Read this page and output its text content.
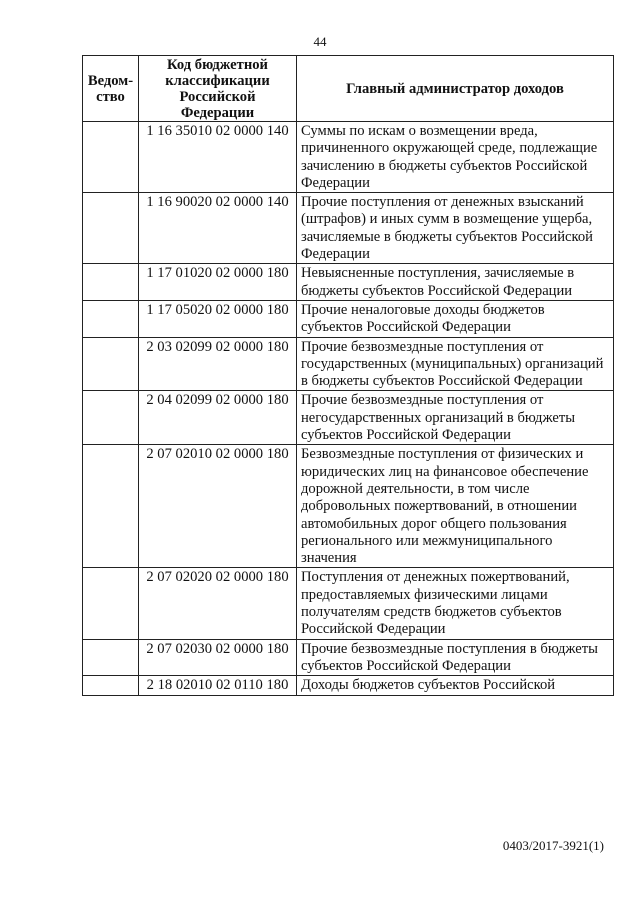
44
Ведом-ство	Код бюджетной классификации Российской Федерации	Главный администратор доходов
	1 16 35010 02 0000 140	Суммы по искам о возмещении вреда, причиненного окружающей среде, подлежащие зачислению в бюджеты субъектов Российской Федерации
	1 16 90020 02 0000 140	Прочие поступления от денежных взысканий (штрафов) и иных сумм в возмещение ущерба, зачисляемые в бюджеты субъектов Российской Федерации
	1 17 01020 02 0000 180	Невыясненные поступления, зачисляемые в бюджеты субъектов Российской Федерации
	1 17 05020 02 0000 180	Прочие неналоговые доходы бюджетов субъектов Российской Федерации
	2 03 02099 02 0000 180	Прочие безвозмездные поступления от государственных (муниципальных) организаций в бюджеты субъектов Российской Федерации
	2 04 02099 02 0000 180	Прочие безвозмездные поступления от негосударственных организаций в бюджеты субъектов Российской Федерации
	2 07 02010 02 0000 180	Безвозмездные поступления от физических и юридических лиц на финансовое обеспечение дорожной деятельности, в том числе добровольных пожертвований, в отношении автомобильных дорог общего пользования регионального или межмуниципального значения
	2 07 02020 02 0000 180	Поступления от денежных пожертвований, предоставляемых физическими лицами получателям средств бюджетов субъектов Российской Федерации
	2 07 02030 02 0000 180	Прочие безвозмездные поступления в бюджеты субъектов Российской Федерации
	2 18 02010 02 0110 180	Доходы бюджетов субъектов Российской
0403/2017-3921(1)
